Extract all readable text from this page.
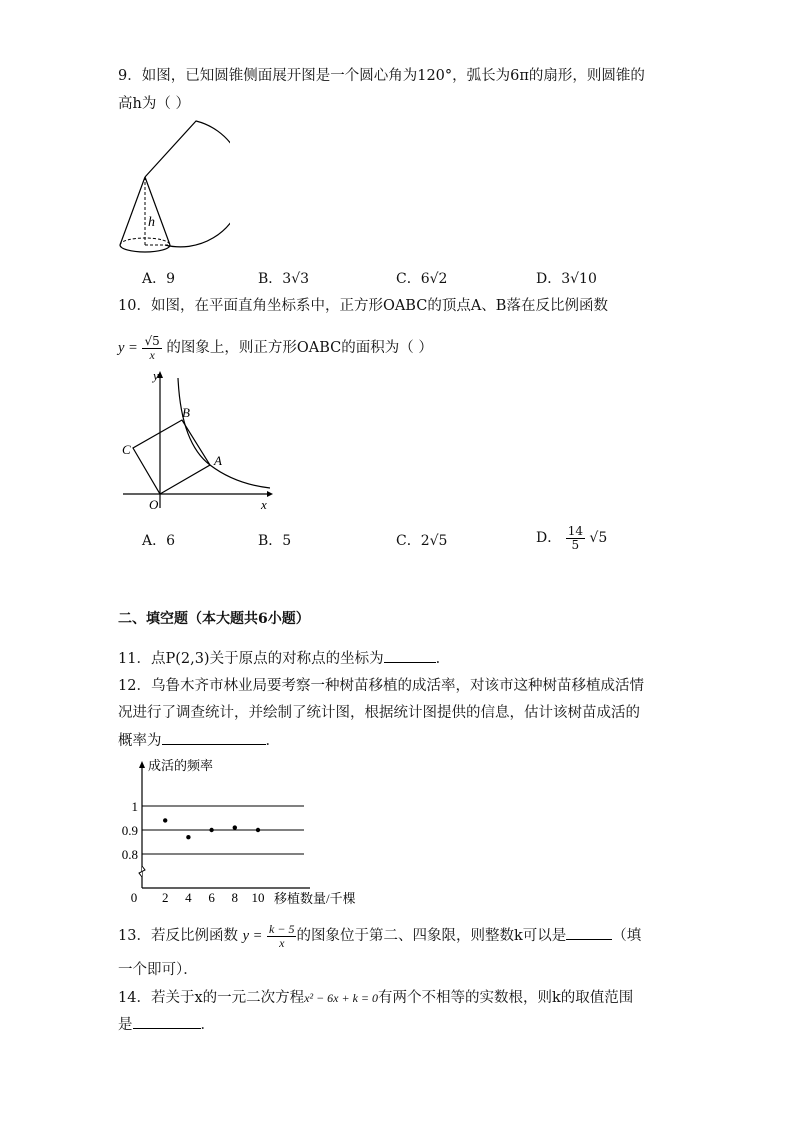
9．如图，已知圆锥侧面展开图是一个圆心角为120°，弧长为6π的扇形，则圆锥的
高h为（ ）
h
A．9	B．3√3	C．6√2	D．3√10
10．如图，在平面直角坐标系中，正方形OABC的顶点A、B落在反比例函数
$y = \frac{√5}{x}$ 的图象上，则正方形OABC的面积为（ ）
y
x
O
A
B
C
A．6	B．5	C．2√5	D． $\frac{14}{5} √5$
二、填空题（本大题共6小题）
11．点P(2,3)关于原点的对称点的坐标为	．
12．乌鲁木齐市林业局要考察一种树苗移植的成活率，对该市这种树苗移植成活情
况进行了调查统计，并绘制了统计图，根据统计图提供的信息，估计该树苗成活的
概率为	．
0.8
0.9
1
0 2 4 6 8 10
成活的频率
移植数量/千棵
13．若反比例函数 $y = \frac{k - 5}{x}$ 的图象位于第二、四象限，则整数k可以是	（填
一个即可）．
14．若关于x的一元二次方程x² − 6x + k = 0有两个不相等的实数根，则k的取值范围
是	．
